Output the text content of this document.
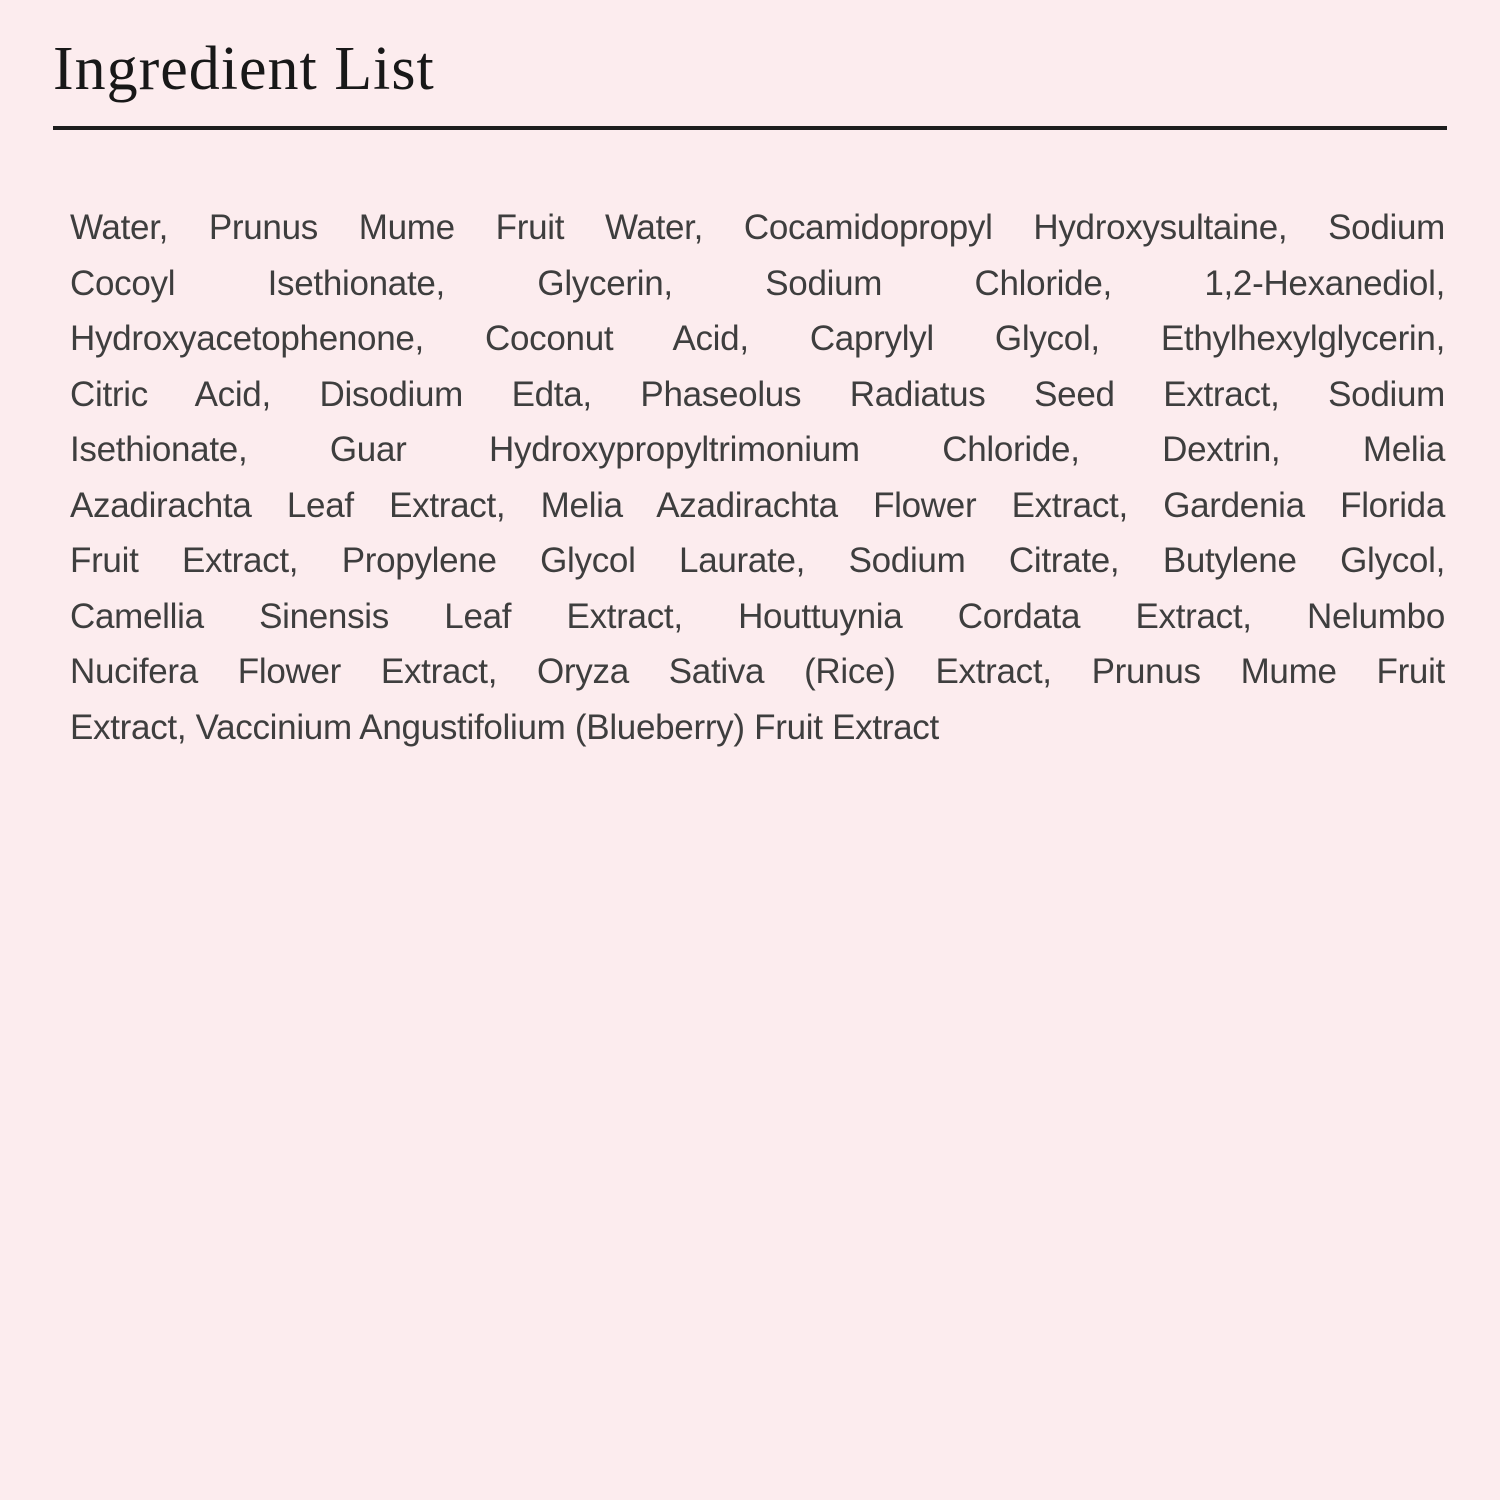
Ingredient List
Water, Prunus Mume Fruit Water, Cocamidopropyl Hydroxysultaine, Sodium
Cocoyl Isethionate, Glycerin, Sodium Chloride, 1,2-Hexanediol,
Hydroxyacetophenone, Coconut Acid, Caprylyl Glycol, Ethylhexylglycerin,
Citric Acid, Disodium Edta, Phaseolus Radiatus Seed Extract, Sodium
Isethionate, Guar Hydroxypropyltrimonium Chloride, Dextrin, Melia
Azadirachta Leaf Extract, Melia Azadirachta Flower Extract, Gardenia Florida
Fruit Extract, Propylene Glycol Laurate, Sodium Citrate, Butylene Glycol,
Camellia Sinensis Leaf Extract, Houttuynia Cordata Extract, Nelumbo
Nucifera Flower Extract, Oryza Sativa (Rice) Extract, Prunus Mume Fruit
Extract, Vaccinium Angustifolium (Blueberry) Fruit Extract
